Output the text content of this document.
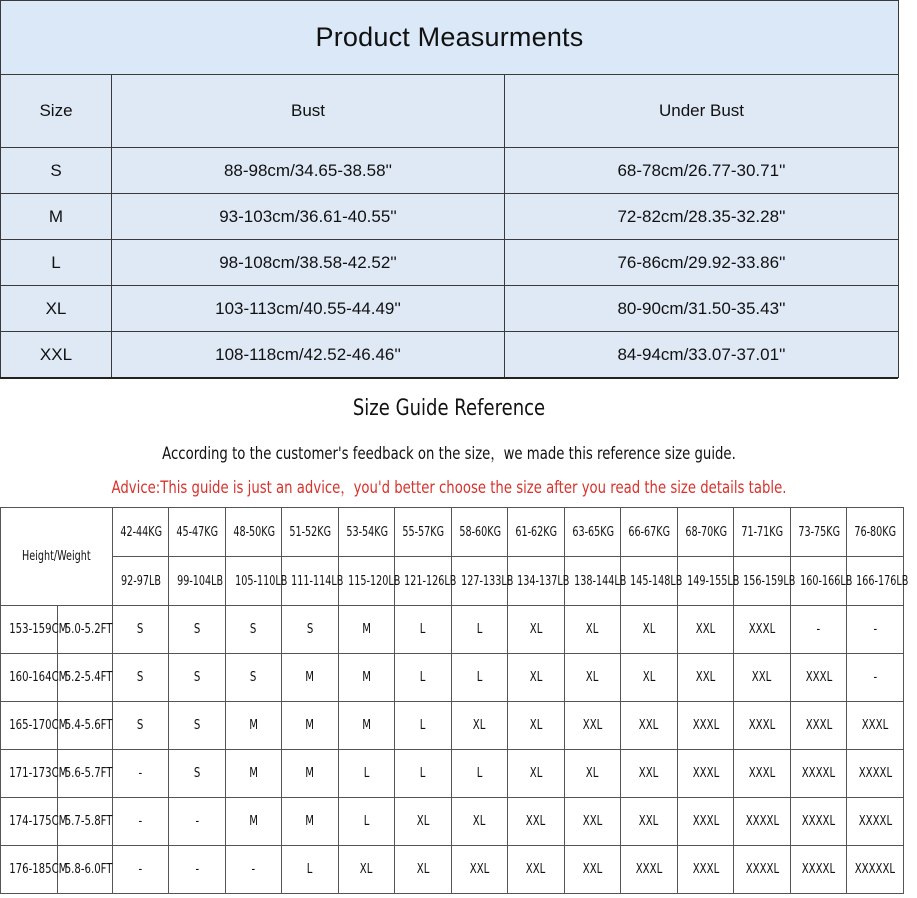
Product Measurments		
Size	Bust	Under Bust
S	88-98cm/34.65-38.58''	68-78cm/26.77-30.71''
M	93-103cm/36.61-40.55''	72-82cm/28.35-32.28''
L	98-108cm/38.58-42.52''	76-86cm/29.92-33.86''
XL	103-113cm/40.55-44.49''	80-90cm/31.50-35.43''
XXL	108-118cm/42.52-46.46''	84-94cm/33.07-37.01''
Size Guide Reference
According to the customer's feedback on the size，we made this reference size guide.
Advice:This guide is just an advice，you'd better choose the size after you read the size details table.
Height/Weight		42-44KG	45-47KG	48-50KG	51-52KG	53-54KG	55-57KG	58-60KG	61-62KG	63-65KG	66-67KG	68-70KG	71-71KG	73-75KG	76-80KG
		92-97LB	99-104LB	105-110LB	111-114LB	115-120LB	121-126LB	127-133LB	134-137LB	138-144LB	145-148LB	149-155LB	156-159LB	160-166LB	166-176LB
153-159CM	5.0-5.2FT	S	S	S	S	M	L	L	XL	XL	XL	XXL	XXXL	-	-
160-164CM	5.2-5.4FT	S	S	S	M	M	L	L	XL	XL	XL	XXL	XXL	XXXL	-
165-170CM	5.4-5.6FT	S	S	M	M	M	L	XL	XL	XXL	XXL	XXXL	XXXL	XXXL	XXXL
171-173CM	5.6-5.7FT	-	S	M	M	L	L	L	XL	XL	XXL	XXXL	XXXL	XXXXL	XXXXL
174-175CM	5.7-5.8FT	-	-	M	M	L	XL	XL	XXL	XXL	XXL	XXXL	XXXXL	XXXXL	XXXXL
176-185CM	5.8-6.0FT	-	-	-	L	XL	XL	XXL	XXL	XXL	XXXL	XXXL	XXXXL	XXXXL	XXXXXL
